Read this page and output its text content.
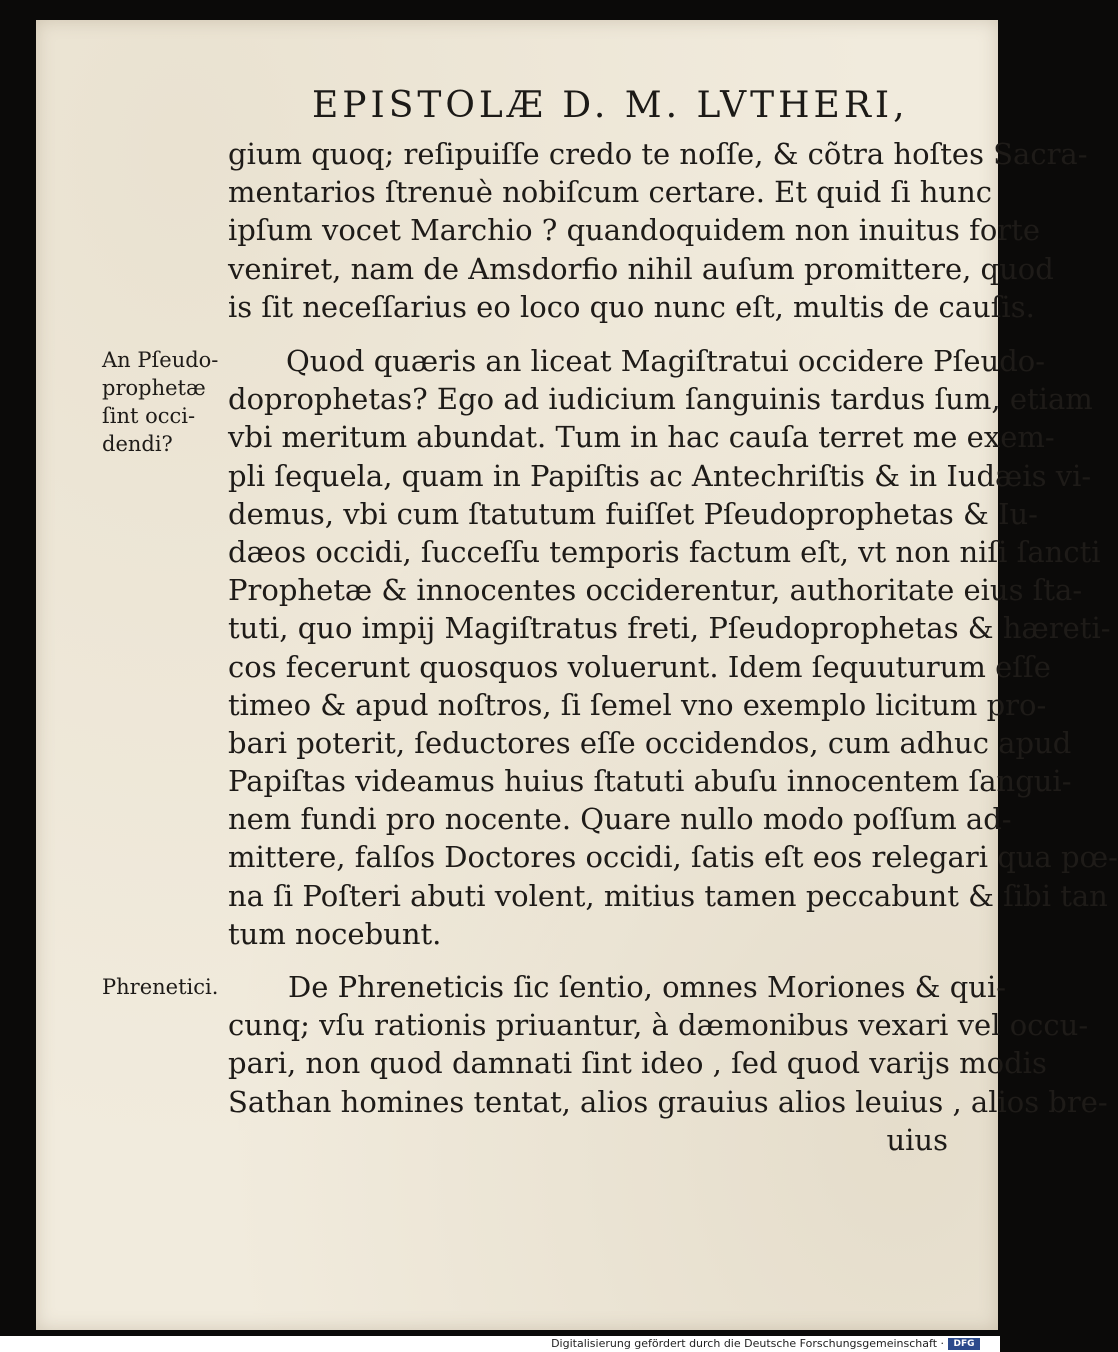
EPISTOLÆ D. M. LVTHERI,
gium quoq; reſipuiſſe credo te noſſe, & cõtra hoſtes Sacra-
mentarios ſtrenuè nobiſcum certare. Et quid ſi hunc
ipſum vocet Marchio ? quandoquidem non inuitus forte
veniret, nam de Amsdorfio nihil auſum promittere, quod
is ſit neceſſarius eo loco quo nunc eſt, multis de cauſis.
An Pſeudo-
prophetæ
ſint occi-
dendi?
Quod quæris an liceat Magiſtratui occidere Pſeudo-
doprophetas? Ego ad iudicium ſanguinis tardus ſum, etiam
vbi meritum abundat. Tum in hac cauſa terret me exem-
pli ſequela, quam in Papiſtis ac Antechriſtis & in Iudæis vi-
demus, vbi cum ſtatutum fuiſſet Pſeudoprophetas & Iu-
dæos occidi, ſucceſſu temporis factum eſt, vt non niſi ſancti
Prophetæ & innocentes occiderentur, authoritate eius ſta-
tuti, quo impij Magiſtratus freti, Pſeudoprophetas & hæreti-
cos fecerunt quosquos voluerunt. Idem ſequuturum eſſe
timeo & apud noſtros, ſi ſemel vno exemplo licitum pro-
bari poterit, ſeductores eſſe occidendos, cum adhuc apud
Papiſtas videamus huius ſtatuti abuſu innocentem ſangui-
nem fundi pro nocente. Quare nullo modo poſſum ad-
mittere, falſos Doctores occidi, ſatis eſt eos relegari qua pœ-
na ſi Poſteri abuti volent, mitius tamen peccabunt & ſibi tan
tum nocebunt.
Phrenetici.	De Phreneticis ſic ſentio, omnes Moriones & qui-
cunq; vſu rationis priuantur, à dæmonibus vexari vel occu-
pari, non quod damnati ſint ideo , ſed quod varijs modis
Sathan homines tentat, alios grauius alios leuius , alios bre-
uius
Digitalisierung gefördert durch die Deutsche Forschungsgemeinschaft ·	DFG
